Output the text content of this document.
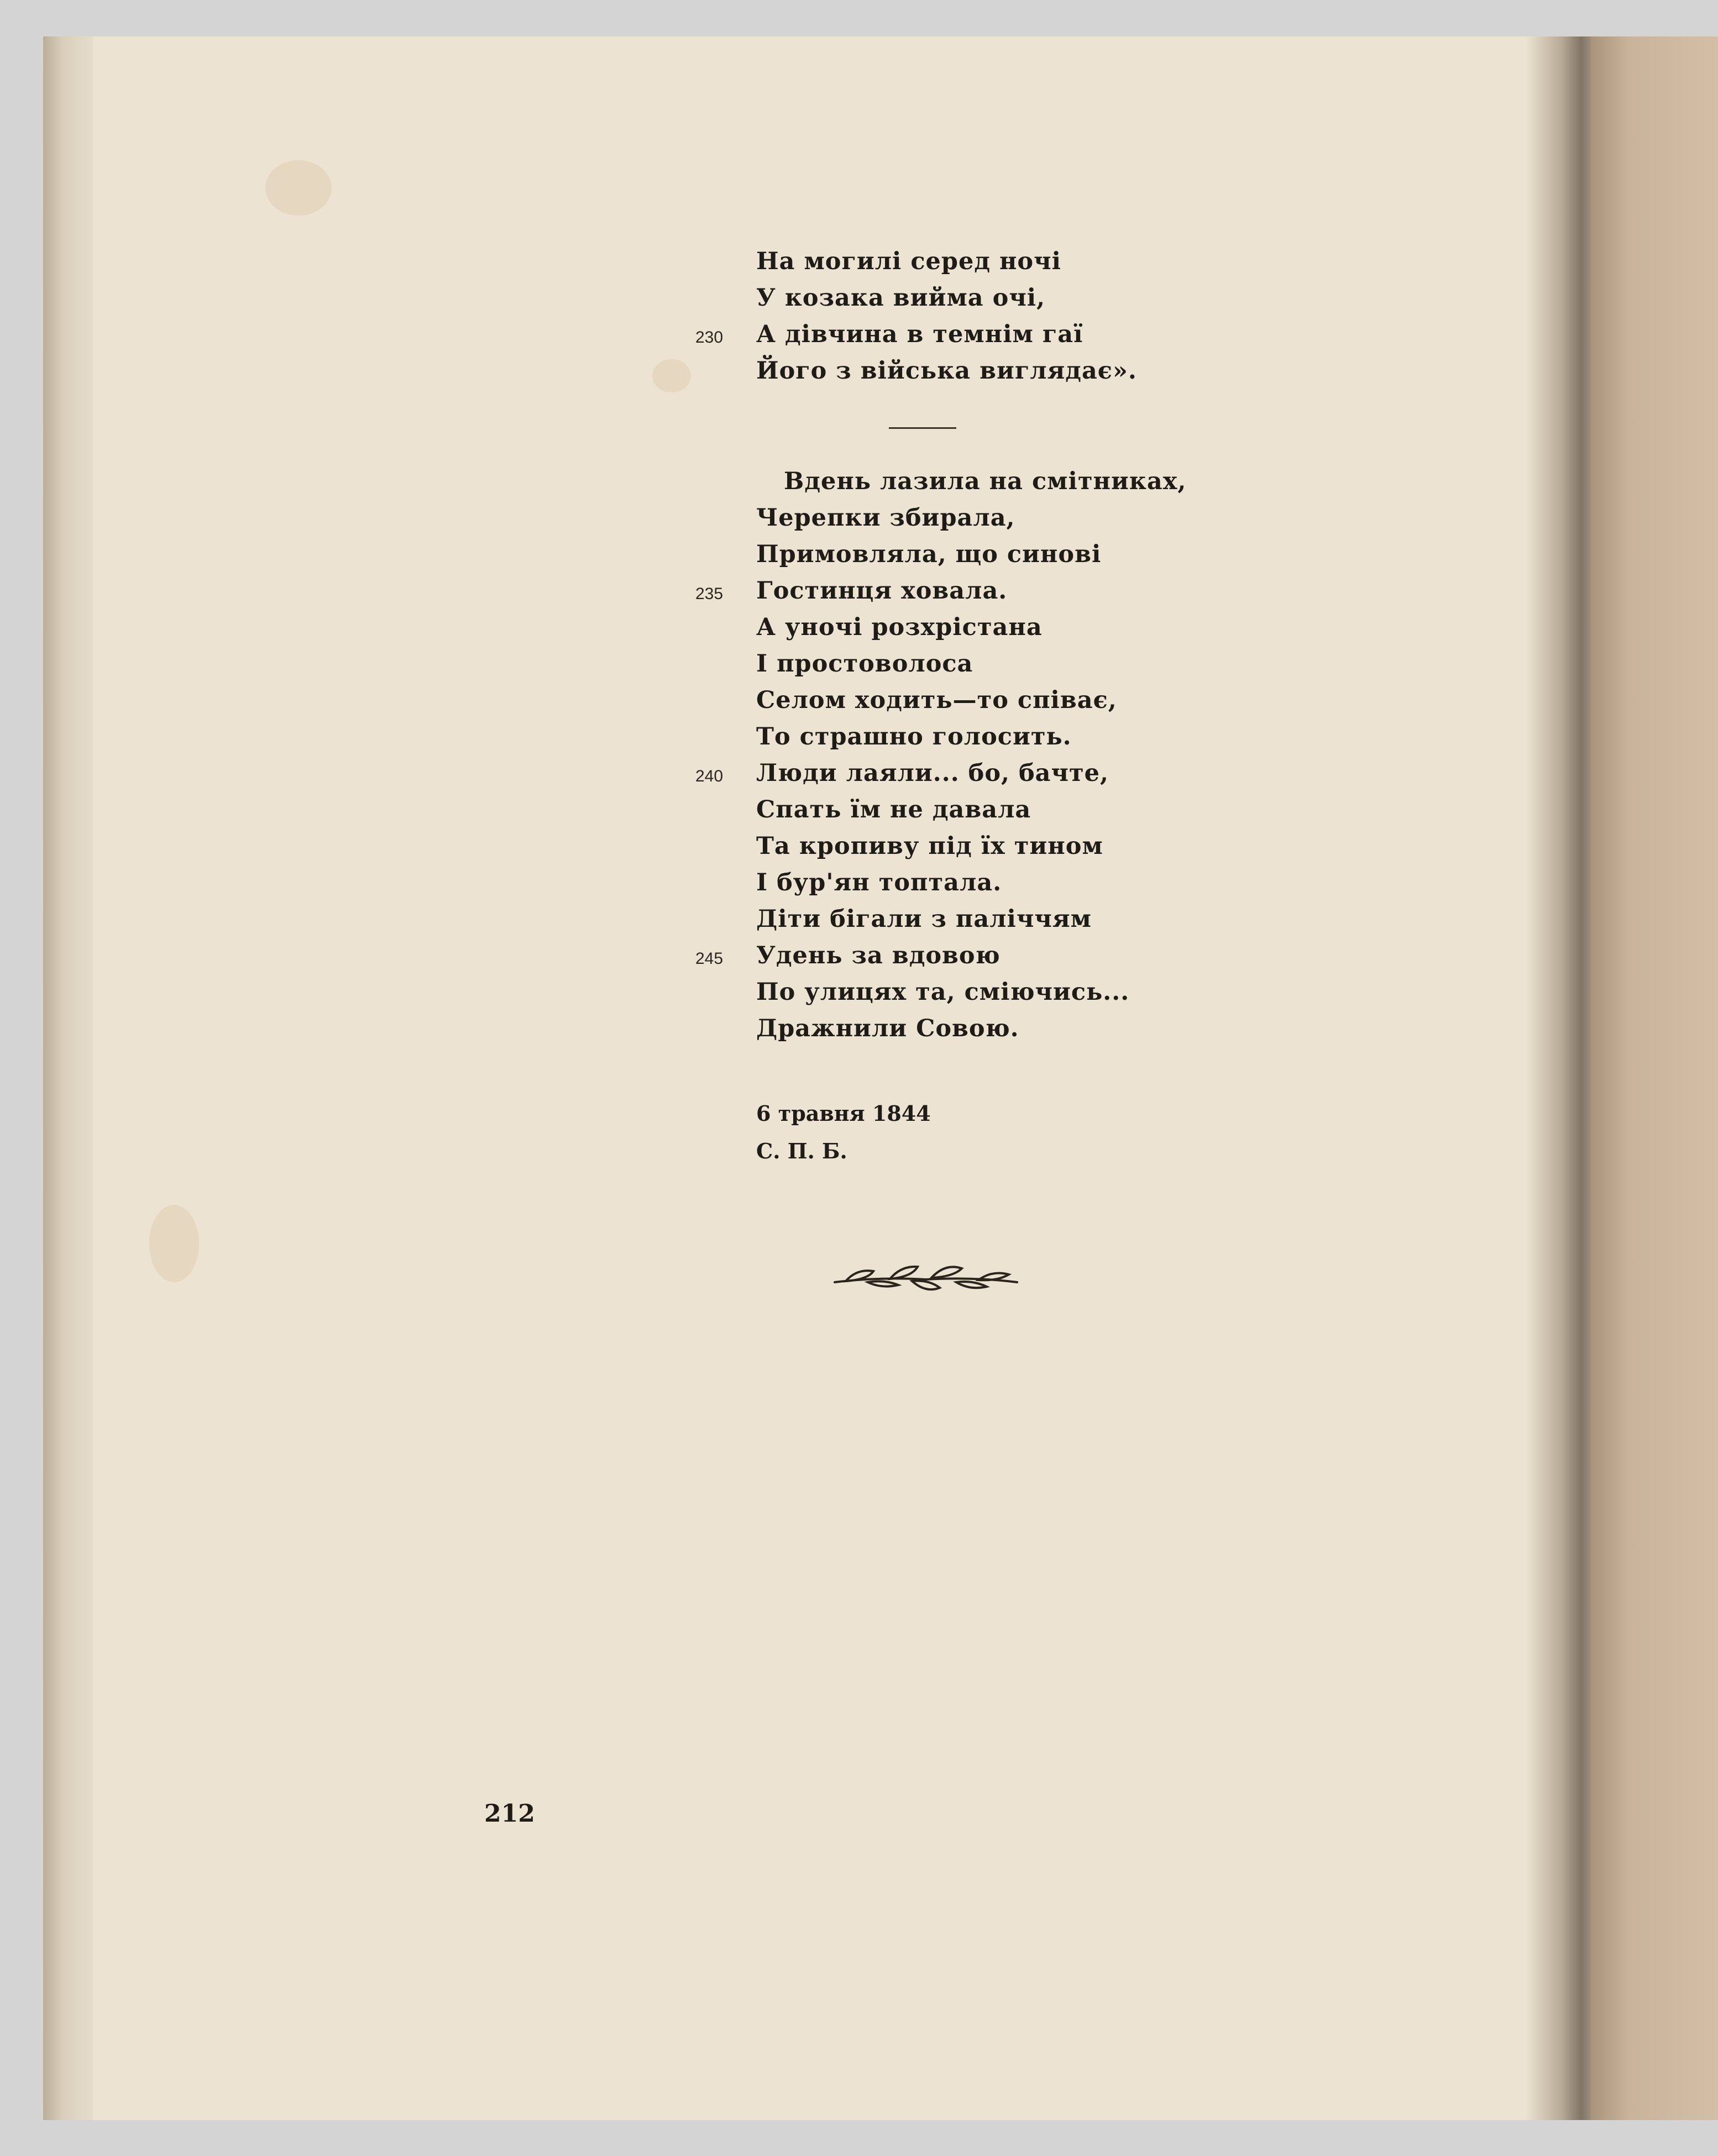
На могилі серед ночі
У козака вийма очі,
230 А дівчина в темнім гаї
Його з війська виглядає».
Вдень лазила на смітниках,
Черепки збирала,
Примовляла, що синові
235 Гостинця ховала.
А уночі розхрістана
І простоволоса
Селом ходить—то співає,
То страшно голосить.
240 Люди лаяли... бо, бачте,
Спать їм не давала
Та кропиву під їх тином
І бур'ян топтала.
Діти бігали з паліччям
245 Удень за вдовою
По улицях та, сміючись...
Дражнили Совою.
6 травня 1844
С. П. Б.
212
